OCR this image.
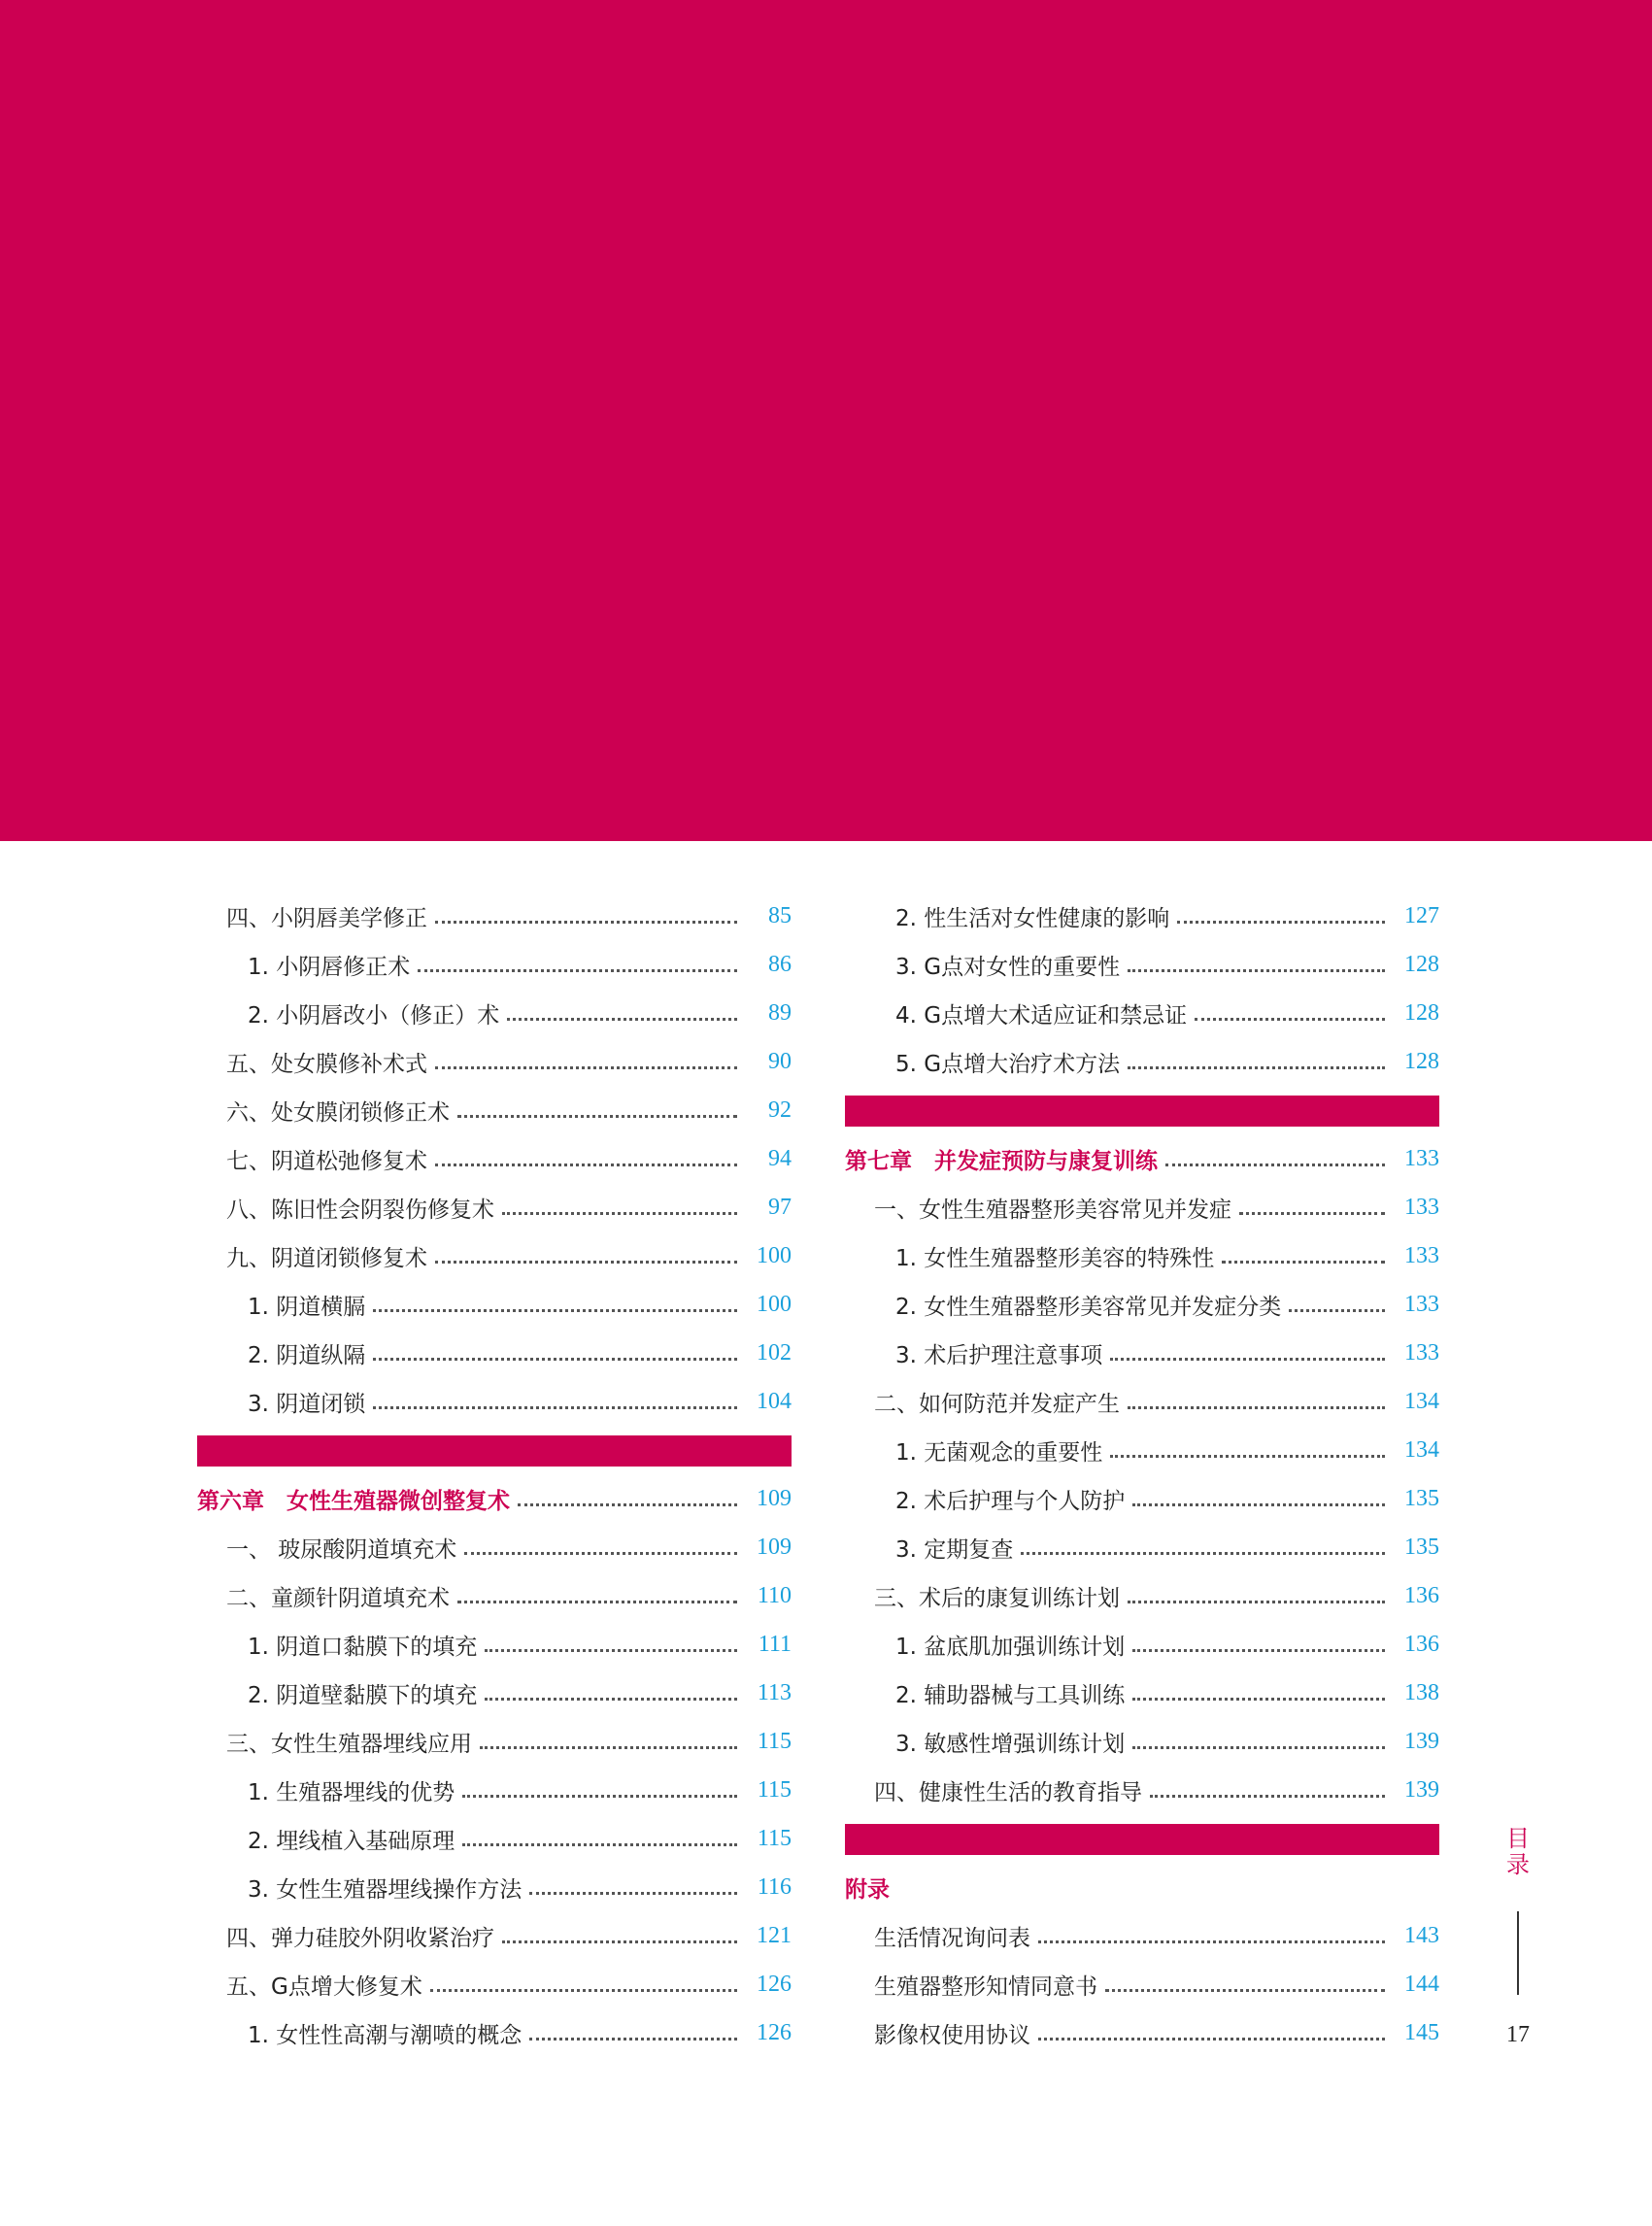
四、小阴唇美学修正	85
1. 小阴唇修正术	86
2. 小阴唇改小（修正）术	89
五、处女膜修补术式	90
六、处女膜闭锁修正术	92
七、阴道松弛修复术	94
八、陈旧性会阴裂伤修复术	97
九、阴道闭锁修复术	100
1. 阴道横膈	100
2. 阴道纵隔	102
3. 阴道闭锁	104
第六章　女性生殖器微创整复术	109
一、 玻尿酸阴道填充术	109
二、童颜针阴道填充术	110
1. 阴道口黏膜下的填充	111
2. 阴道壁黏膜下的填充	113
三、女性生殖器埋线应用	115
1. 生殖器埋线的优势	115
2. 埋线植入基础原理	115
3. 女性生殖器埋线操作方法	116
四、弹力硅胶外阴收紧治疗	121
五、G点增大修复术	126
1. 女性性高潮与潮喷的概念	126
2. 性生活对女性健康的影响	127
3. G点对女性的重要性	128
4. G点增大术适应证和禁忌证	128
5. G点增大治疗术方法	128
第七章　并发症预防与康复训练	133
一、女性生殖器整形美容常见并发症	133
1. 女性生殖器整形美容的特殊性	133
2. 女性生殖器整形美容常见并发症分类	133
3. 术后护理注意事项	133
二、如何防范并发症产生	134
1. 无菌观念的重要性	134
2. 术后护理与个人防护	135
3. 定期复查	135
三、术后的康复训练计划	136
1. 盆底肌加强训练计划	136
2. 辅助器械与工具训练	138
3. 敏感性增强训练计划	139
四、健康性生活的教育指导	139
附录
生活情况询问表	143
生殖器整形知情同意书	144
影像权使用协议	145
目录
17
